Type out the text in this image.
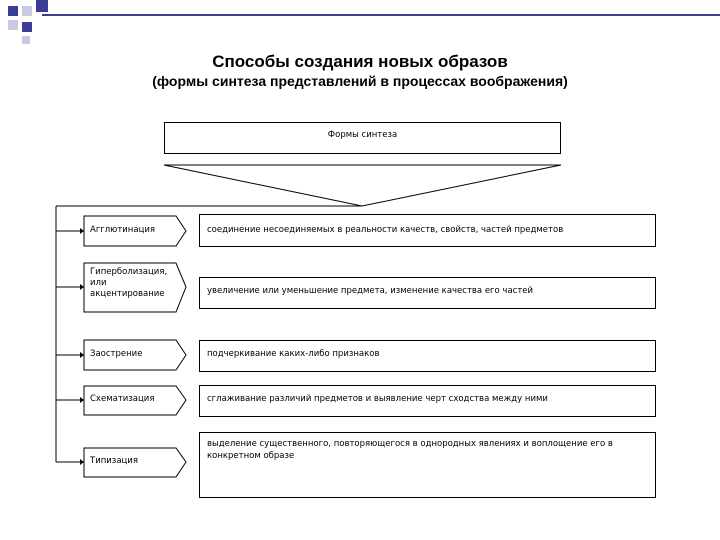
Способы создания новых образов
(формы синтеза представлений в процессах воображения)
Формы синтеза
Агглютинация
Гиперболизация, или акцентирование
Заострение
Схематизация
Типизация
соединение несоединяемых в реальности качеств, свойств, частей предметов
увеличение или уменьшение предмета, изменение качества его частей
подчеркивание каких-либо признаков
сглаживание различий предметов и выявление черт сходства между ними
выделение существенного, повторяющегося в однородных явлениях и воплощение его в конкретном образе
